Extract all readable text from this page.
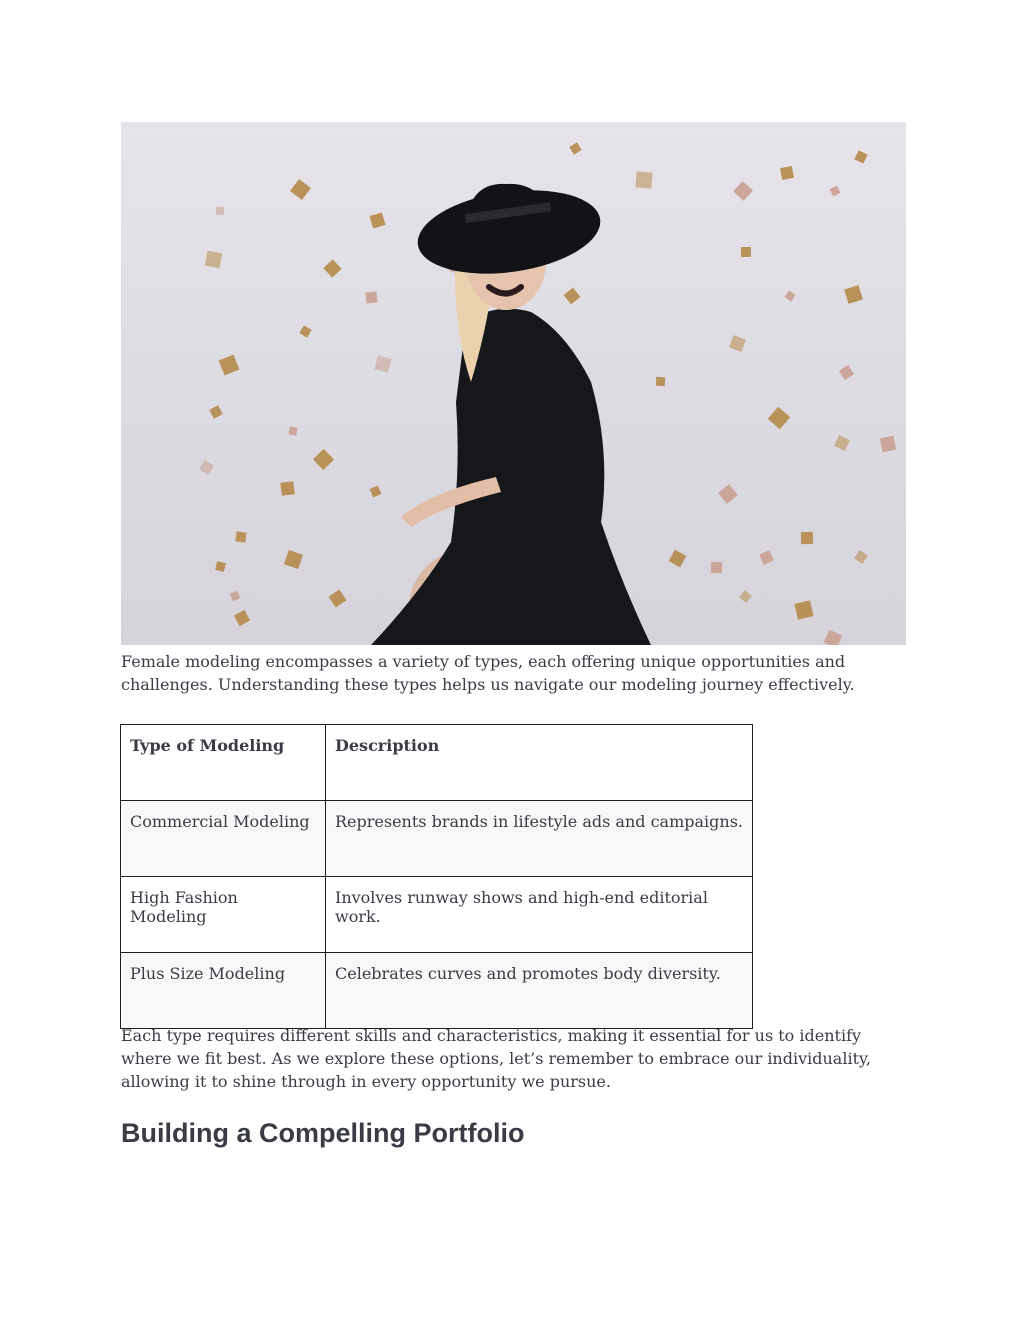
Female modeling encompasses a variety of types, each offering unique opportunities and challenges. Understanding these types helps us navigate our modeling journey effectively.

Type of Modeling	Description
Commercial Modeling	Represents brands in lifestyle ads and campaigns.
High Fashion Modeling	Involves runway shows and high-end editorial work.
Plus Size Modeling	Celebrates curves and promotes body diversity.

Each type requires different skills and characteristics, making it essential for us to identify where we fit best. As we explore these options, let’s remember to embrace our individuality, allowing it to shine through in every opportunity we pursue.

Building a Compelling Portfolio
